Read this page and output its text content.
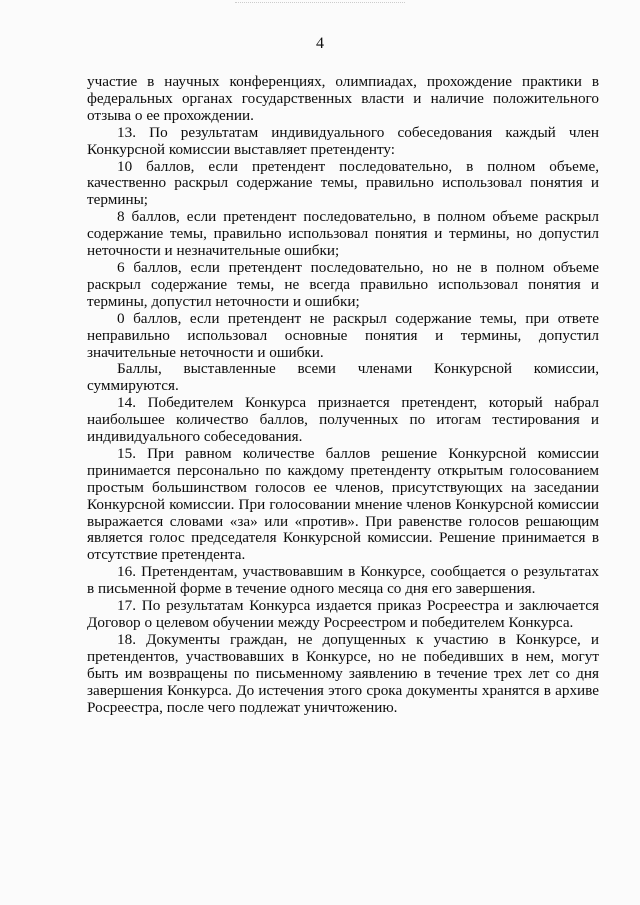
4

участие в научных конференциях, олимпиадах, прохождение практики в федеральных органах государственных власти и наличие положительного отзыва о ее прохождении.

13. По результатам индивидуального собеседования каждый член Конкурсной комиссии выставляет претенденту:

10 баллов, если претендент последовательно, в полном объеме, качественно раскрыл содержание темы, правильно использовал понятия и термины;

8 баллов, если претендент последовательно, в полном объеме раскрыл содержание темы, правильно использовал понятия и термины, но допустил неточности и незначительные ошибки;

6 баллов, если претендент последовательно, но не в полном объеме раскрыл содержание темы, не всегда правильно использовал понятия и термины, допустил неточности и ошибки;

0 баллов, если претендент не раскрыл содержание темы, при ответе неправильно использовал основные понятия и термины, допустил значительные неточности и ошибки.

Баллы, выставленные всеми членами Конкурсной комиссии, суммируются.

14. Победителем Конкурса признается претендент, который набрал наибольшее количество баллов, полученных по итогам тестирования и индивидуального собеседования.

15. При равном количестве баллов решение Конкурсной комиссии принимается персонально по каждому претенденту открытым голосованием простым большинством голосов ее членов, присутствующих на заседании Конкурсной комиссии. При голосовании мнение членов Конкурсной комиссии выражается словами «за» или «против». При равенстве голосов решающим является голос председателя Конкурсной комиссии. Решение принимается в отсутствие претендента.

16. Претендентам, участвовавшим в Конкурсе, сообщается о результатах в письменной форме в течение одного месяца со дня его завершения.

17. По результатам Конкурса издается приказ Росреестра и заключается Договор о целевом обучении между Росреестром и победителем Конкурса.

18. Документы граждан, не допущенных к участию в Конкурсе, и претендентов, участвовавших в Конкурсе, но не победивших в нем, могут быть им возвращены по письменному заявлению в течение трех лет со дня завершения Конкурса. До истечения этого срока документы хранятся в архиве Росреестра, после чего подлежат уничтожению.
